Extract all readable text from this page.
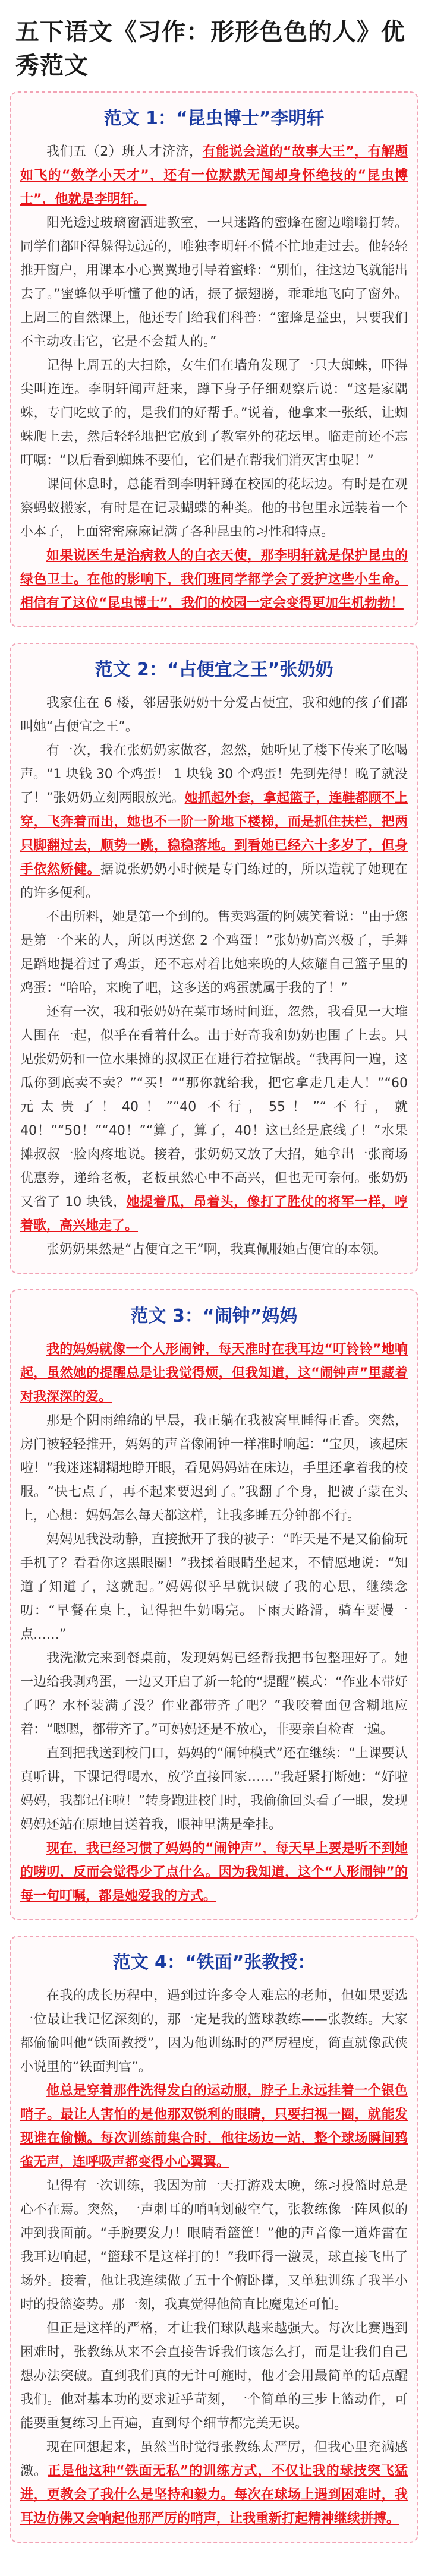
五下语文《习作：形形色色的人》优秀范文
范文 1：“昆虫博士”李明轩

我们五（2）班人才济济，有能说会道的“故事大王”，有解题如飞的“数学小天才”，还有一位默默无闻却身怀绝技的“昆虫博士”，他就是李明轩。

阳光透过玻璃窗洒进教室，一只迷路的蜜蜂在窗边嗡嗡打转。同学们都吓得躲得远远的，唯独李明轩不慌不忙地走过去。他轻轻推开窗户，用课本小心翼翼地引导着蜜蜂：“别怕，往这边飞就能出去了。”蜜蜂似乎听懂了他的话，振了振翅膀，乖乖地飞向了窗外。上周三的自然课上，他还专门给我们科普：“蜜蜂是益虫，只要我们不主动攻击它，它是不会蜇人的。”

记得上周五的大扫除，女生们在墙角发现了一只大蜘蛛，吓得尖叫连连。李明轩闻声赶来，蹲下身子仔细观察后说：“这是家隅蛛，专门吃蚊子的，是我们的好帮手。”说着，他拿来一张纸，让蜘蛛爬上去，然后轻轻地把它放到了教室外的花坛里。临走前还不忘叮嘱：“以后看到蜘蛛不要怕，它们是在帮我们消灭害虫呢！”

课间休息时，总能看到李明轩蹲在校园的花坛边。有时是在观察蚂蚁搬家，有时是在记录蝴蝶的种类。他的书包里永远装着一个小本子，上面密密麻麻记满了各种昆虫的习性和特点。

如果说医生是治病救人的白衣天使，那李明轩就是保护昆虫的绿色卫士。在他的影响下，我们班同学都学会了爱护这些小生命。相信有了这位“昆虫博士”，我们的校园一定会变得更加生机勃勃！

范文 2：“占便宜之王”张奶奶

我家住在 6 楼，邻居张奶奶十分爱占便宜，我和她的孩子们都叫她“占便宜之王”。

有一次，我在张奶奶家做客，忽然，她听见了楼下传来了吆喝声。“1 块钱 30 个鸡蛋！ 1 块钱 30 个鸡蛋！先到先得！晚了就没了！”张奶奶立刻两眼放光。她抓起外套，拿起篮子，连鞋都顾不上穿，飞奔着而出，她也不一阶一阶地下楼梯，而是抓住扶栏，把两只脚翻过去，顺势一跳，稳稳落地。到看她已经六十多岁了，但身手依然矫健。据说张奶奶小时候是专门练过的，所以造就了她现在的许多便利。

不出所料，她是第一个到的。售卖鸡蛋的阿姨笑着说：“由于您是第一个来的人，所以再送您 2 个鸡蛋！”张奶奶高兴极了，手舞足蹈地提着过了鸡蛋，还不忘对着比她来晚的人炫耀自己篮子里的鸡蛋：“哈哈，来晚了吧，这多送的鸡蛋就属于我的了！”

还有一次，我和张奶奶在菜市场时间逛，忽然，我看见一大堆人围在一起，似乎在看着什么。出于好奇我和奶奶也围了上去。只见张奶奶和一位水果摊的叔叔正在进行着拉锯战。“我再问一遍，这瓜你到底卖不卖？”“买！”“那你就给我，把它拿走几走人！”“60 元太贵了！40！”“40 不行，55！”“不行，就 40！”“50！”“40！”“算了，算了，40！这已经是底线了！”水果摊叔叔一脸肉疼地说。接着，张奶奶又放了大招，她拿出一张商场优惠券，递给老板，老板虽然心中不高兴，但也无可奈何。张奶奶又省了 10 块钱，她提着瓜，昂着头，像打了胜仗的将军一样，哼着歌，高兴地走了。

张奶奶果然是“占便宜之王”啊，我真佩服她占便宜的本领。

范文 3：“闹钟”妈妈

我的妈妈就像一个人形闹钟，每天准时在我耳边“叮铃铃”地响起，虽然她的提醒总是让我觉得烦，但我知道，这“闹钟声”里藏着对我深深的爱。

那是个阴雨绵绵的早晨，我正躺在我被窝里睡得正香。突然，房门被轻轻推开，妈妈的声音像闹钟一样准时响起：“宝贝，该起床啦！”我迷迷糊糊地睁开眼，看见妈妈站在床边，手里还拿着我的校服。“快七点了，再不起来要迟到了。”我翻了个身，把被子蒙在头上，心想：妈妈怎么每天都这样，让我多睡五分钟都不行。

妈妈见我没动静，直接掀开了我的被子：“昨天是不是又偷偷玩手机了？看看你这黑眼圈！”我揉着眼睛坐起来，不情愿地说：“知道了知道了，这就起。”妈妈似乎早就识破了我的心思，继续念叨：“早餐在桌上，记得把牛奶喝完。下雨天路滑，骑车要慢一点……”

我洗漱完来到餐桌前，发现妈妈已经帮我把书包整理好了。她一边给我剥鸡蛋，一边又开启了新一轮的“提醒”模式：“作业本带好了吗？水杯装满了没？作业都带齐了吧？”我咬着面包含糊地应着：“嗯嗯，都带齐了。”可妈妈还是不放心，非要亲自检查一遍。

直到把我送到校门口，妈妈的“闹钟模式”还在继续：“上课要认真听讲，下课记得喝水，放学直接回家……”我赶紧打断她：“好啦妈妈，我都记住啦！”转身跑进校门时，我偷偷回头看了一眼，发现妈妈还站在原地目送着我，眼神里满是牵挂。

现在，我已经习惯了妈妈的“闹钟声”，每天早上要是听不到她的唠叨，反而会觉得少了点什么。因为我知道，这个“人形闹钟”的每一句叮嘱，都是她爱我的方式。

范文 4：“铁面”张教授：

在我的成长历程中，遇到过许多令人难忘的老师，但如果要选一位最让我记忆深刻的，那一定是我的篮球教练——张教练。大家都偷偷叫他“铁面教授”，因为他训练时的严厉程度，简直就像武侠小说里的“铁面判官”。

他总是穿着那件洗得发白的运动服，脖子上永远挂着一个银色哨子。最让人害怕的是他那双锐利的眼睛，只要扫视一圈，就能发现谁在偷懒。每次训练前集合时，他往场边一站，整个球场瞬间鸦雀无声，连呼吸声都变得小心翼翼。

记得有一次训练，我因为前一天打游戏太晚，练习投篮时总是心不在焉。突然，一声刺耳的哨响划破空气，张教练像一阵风似的冲到我面前。“手腕要发力！眼睛看篮筐！”他的声音像一道炸雷在我耳边响起，“篮球不是这样打的！”我吓得一激灵，球直接飞出了场外。接着，他让我连续做了五十个俯卧撑，又单独训练了我半小时的投篮姿势。那一刻，我真觉得他简直比魔鬼还可怕。

但正是这样的严格，才让我们球队越来越强大。每次比赛遇到困难时，张教练从来不会直接告诉我们该怎么打，而是让我们自己想办法突破。直到我们真的无计可施时，他才会用最简单的话点醒我们。他对基本功的要求近乎苛刻，一个简单的三步上篮动作，可能要重复练习上百遍，直到每个细节都完美无误。

现在回想起来，虽然当时觉得张教练太严厉，但我心里充满感激。正是他这种“铁面无私”的训练方式，不仅让我的球技突飞猛进，更教会了我什么是坚持和毅力。每次在球场上遇到困难时，我耳边仿佛又会响起他那严厉的哨声，让我重新打起精神继续拼搏。
